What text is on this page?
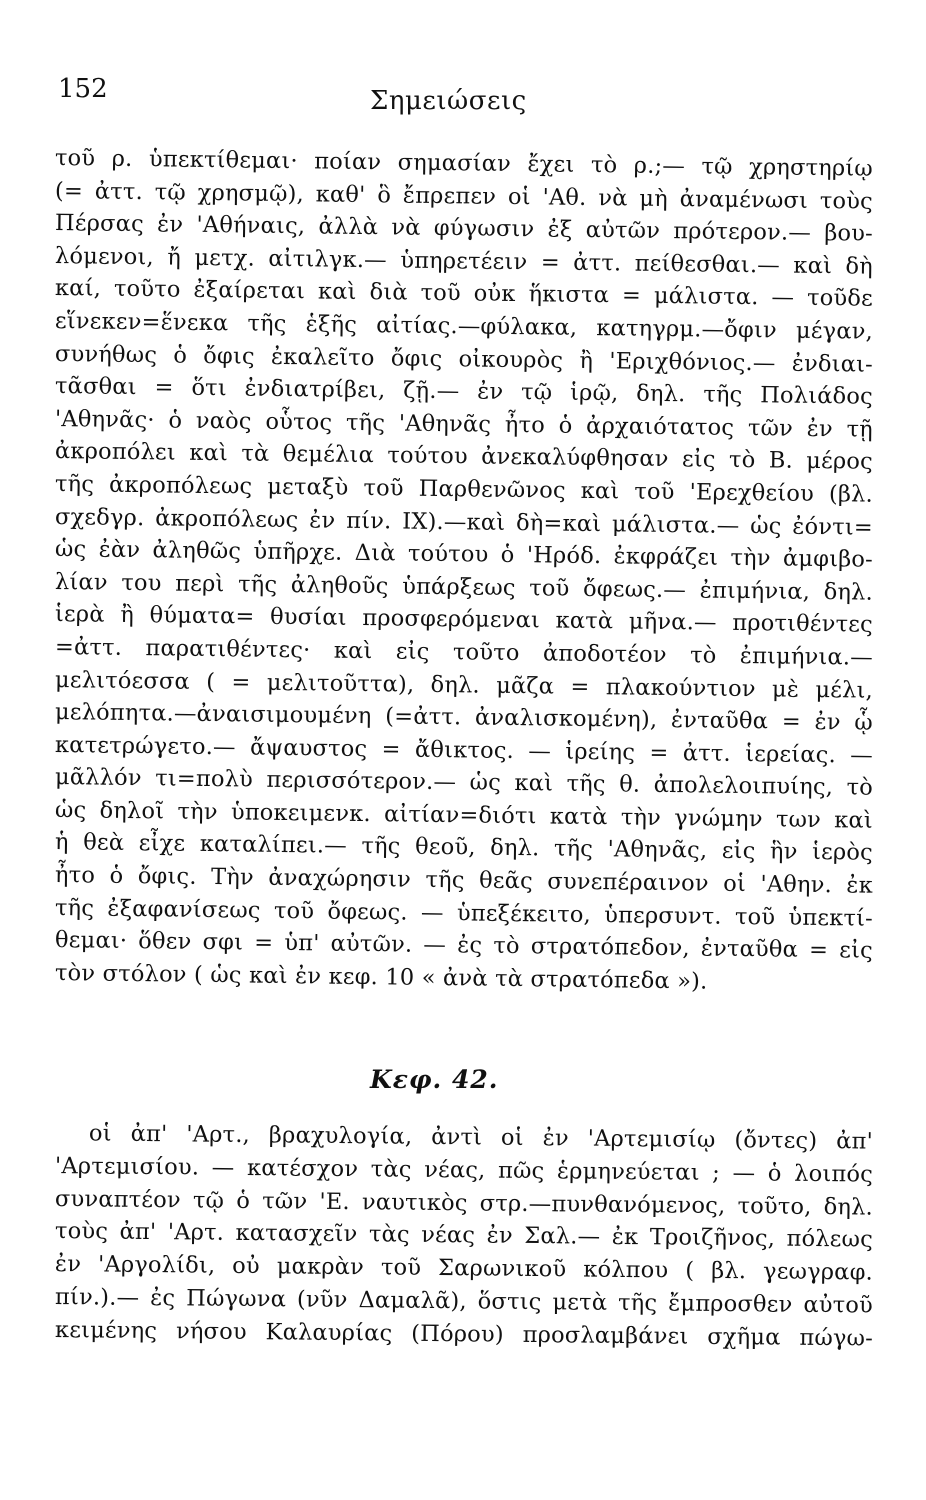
152	Σημειώσεις
τοῦ ρ. ὑπεκτίθεμαι· ποίαν σημασίαν ἔχει τὸ ρ.;— τῷ χρηστηρίῳ
(= ἀττ. τῷ χρησμῷ), καθ' ὃ ἔπρεπεν οἱ 'Αθ. νὰ μὴ ἀναμένωσι τοὺς
Πέρσας ἐν 'Αθήναις, ἀλλὰ νὰ φύγωσιν ἐξ αὐτῶν πρότερον.— βου-
λόμενοι, ἤ μετχ. αἰτιλγκ.— ὑπηρετέειν = ἀττ. πείθεσθαι.— καὶ δὴ
καί, τοῦτο ἐξαίρεται καὶ διὰ τοῦ οὐκ ἥκιστα = μάλιστα. — τοῦδε
εἵνεκεν=ἕνεκα τῆς ἑξῆς αἰτίας.—φύλακα, κατηγρμ.—ὄφιν μέγαν,
συνήθως ὁ ὄφις ἐκαλεῖτο ὄφις οἰκουρὸς ἢ 'Εριχθόνιος.— ἐνδιαι-
τᾶσθαι = ὅτι ἐνδιατρίβει, ζῇ.— ἐν τῷ ἱρῷ, δηλ. τῆς Πολιάδος
'Αθηνᾶς· ὁ ναὸς οὗτος τῆς 'Αθηνᾶς ἦτο ὁ ἀρχαιότατος τῶν ἐν τῇ
ἀκροπόλει καὶ τὰ θεμέλια τούτου ἀνεκαλύφθησαν εἰς τὸ Β. μέρος
τῆς ἀκροπόλεως μεταξὺ τοῦ Παρθενῶνος καὶ τοῦ 'Ερεχθείου (βλ.
σχεδγρ. ἀκροπόλεως ἐν πίν. IX).—καὶ δὴ=καὶ μάλιστα.— ὡς ἐόντι=
ὡς ἐὰν ἀληθῶς ὑπῆρχε. Διὰ τούτου ὁ 'Ηρόδ. ἐκφράζει τὴν ἀμφιβο-
λίαν του περὶ τῆς ἀληθοῦς ὑπάρξεως τοῦ ὄφεως.— ἐπιμήνια, δηλ.
ἱερὰ ἢ θύματα= θυσίαι προσφερόμεναι κατὰ μῆνα.— προτιθέντες
=ἀττ. παρατιθέντες· καὶ εἰς τοῦτο ἀποδοτέον τὸ ἐπιμήνια.—
μελιτόεσσα ( = μελιτοῦττα), δηλ. μᾶζα = πλακούντιον μὲ μέλι,
μελόπητα.—ἀναισιμουμένη (=ἀττ. ἀναλισκομένη), ἐνταῦθα = ἐν ᾧ
κατετρώγετο.— ἄψαυστος = ἄθικτος. — ἱρείης = ἀττ. ἱερείας. —
μᾶλλόν τι=πολὺ περισσότερον.— ὡς καὶ τῆς θ. ἀπολελοιπυίης, τὸ
ὡς δηλοῖ τὴν ὑποκειμενκ. αἰτίαν=διότι κατὰ τὴν γνώμην των καὶ
ἡ θεὰ εἶχε καταλίπει.— τῆς θεοῦ, δηλ. τῆς 'Αθηνᾶς, εἰς ἣν ἱερὸς
ἦτο ὁ ὄφις. Τὴν ἀναχώρησιν τῆς θεᾶς συνεπέραινον οἱ 'Αθην. ἐκ
τῆς ἐξαφανίσεως τοῦ ὄφεως. — ὑπεξέκειτο, ὑπερσυντ. τοῦ ὑπεκτί-
θεμαι· ὅθεν σφι = ὑπ' αὐτῶν. — ἐς τὸ στρατόπεδον, ἐνταῦθα = εἰς
τὸν στόλον ( ὡς καὶ ἐν κεφ. 10 « ἀνὰ τὰ στρατόπεδα »).
Κεφ. 42.
οἱ ἀπ' 'Αρτ., βραχυλογία, ἀντὶ οἱ ἐν 'Αρτεμισίῳ (ὄντες) ἀπ'
'Αρτεμισίου. — κατέσχον τὰς νέας, πῶς ἑρμηνεύεται ; — ὁ λοιπός
συναπτέον τῷ ὁ τῶν 'Ε. ναυτικὸς στρ.—πυνθανόμενος, τοῦτο, δηλ.
τοὺς ἀπ' 'Αρτ. κατασχεῖν τὰς νέας ἐν Σαλ.— ἐκ Τροιζῆνος, πόλεως
ἐν 'Αργολίδι, οὐ μακρὰν τοῦ Σαρωνικοῦ κόλπου ( βλ. γεωγραφ.
πίν.).— ἐς Πώγωνα (νῦν Δαμαλᾶ), ὅστις μετὰ τῆς ἔμπροσθεν αὐτοῦ
κειμένης νήσου Καλαυρίας (Πόρου) προσλαμβάνει σχῆμα πώγω-
